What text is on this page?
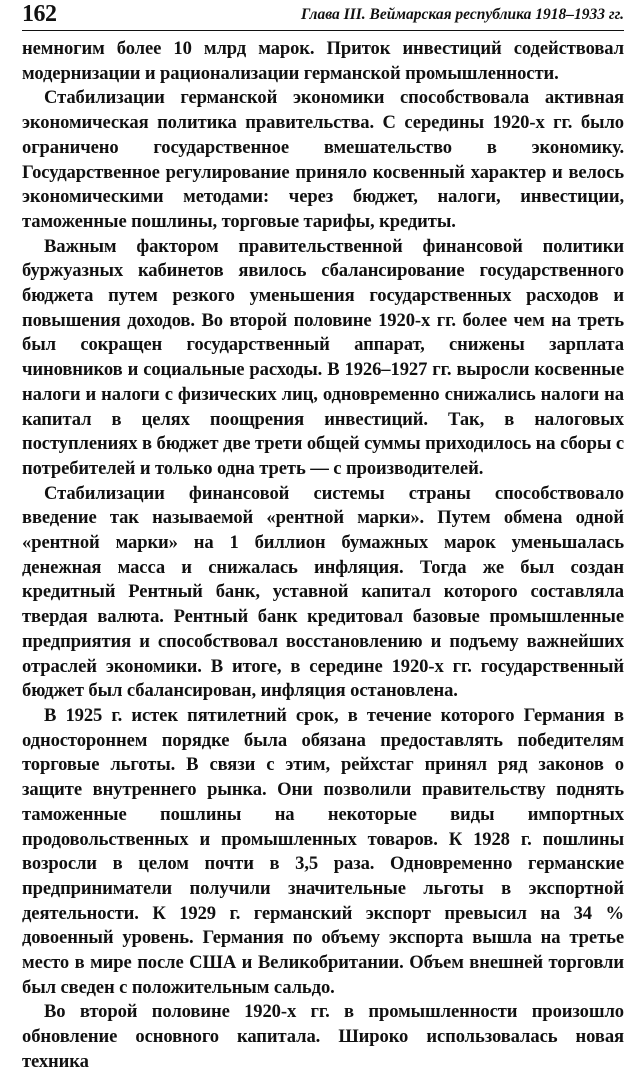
162	Глава III. Веймарская республика 1918–1933 гг.

немногим более 10 млрд марок. Приток инвестиций содействовал модернизации и рационализации германской промышленности.

Стабилизации германской экономики способствовала активная экономическая политика правительства. С середины 1920-х гг. было ограничено государственное вмешательство в экономику. Государственное регулирование приняло косвенный характер и велось экономическими методами: через бюджет, налоги, инвестиции, таможенные пошлины, торговые тарифы, кредиты.

Важным фактором правительственной финансовой политики буржуазных кабинетов явилось сбалансирование государственного бюджета путем резкого уменьшения государственных расходов и повышения доходов. Во второй половине 1920-х гг. более чем на треть был сокращен государственный аппарат, снижены зарплата чиновников и социальные расходы. В 1926–1927 гг. выросли косвенные налоги и налоги с физических лиц, одновременно снижались налоги на капитал в целях поощрения инвестиций. Так, в налоговых поступлениях в бюджет две трети общей суммы приходилось на сборы с потребителей и только одна треть — с производителей.

Стабилизации финансовой системы страны способствовало введение так называемой «рентной марки». Путем обмена одной «рентной марки» на 1 биллион бумажных марок уменьшалась денежная масса и снижалась инфляция. Тогда же был создан кредитный Рентный банк, уставной капитал которого составляла твердая валюта. Рентный банк кредитовал базовые промышленные предприятия и способствовал восстановлению и подъему важнейших отраслей экономики. В итоге, в середине 1920-х гг. государственный бюджет был сбалансирован, инфляция остановлена.

В 1925 г. истек пятилетний срок, в течение которого Германия в одностороннем порядке была обязана предоставлять победителям торговые льготы. В связи с этим, рейхстаг принял ряд законов о защите внутреннего рынка. Они позволили правительству поднять таможенные пошлины на некоторые виды импортных продовольственных и промышленных товаров. К 1928 г. пошлины возросли в целом почти в 3,5 раза. Одновременно германские предприниматели получили значительные льготы в экспортной деятельности. К 1929 г. германский экспорт превысил на 34 % довоенный уровень. Германия по объему экспорта вышла на третье место в мире после США и Великобритании. Объем внешней торговли был сведен с положительным сальдо.

Во второй половине 1920-х гг. в промышленности произошло обновление основного капитала. Широко использовалась новая техника
